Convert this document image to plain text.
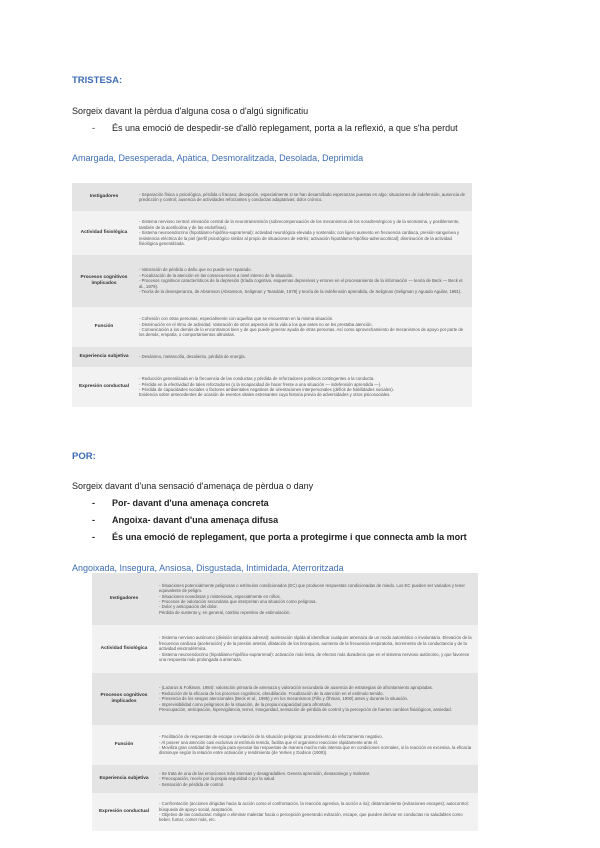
TRISTESA:
Sorgeix davant la pèrdua d'alguna cosa o d'algú significatiu
- És una emoció de despedir-se d'allò replegament, porta a la reflexió, a que s'ha perdut
Amargada, Desesperada, Apàtica, Desmoralitzada, Desolada, Deprimida
Instigadores	- Separación física o psicológica, pérdida o fracaso; decepción, especialmente si se han desarrollado esperanzas puestas en algo; situaciones de indefensión, ausencia de predicción y control; ausencia de actividades reforzantes y conductas adaptativas; dolor crónico.

Actividad fisiológica	- Sistema nervioso central: elevación central de la neurotransmisión (sobrecompensación de los mecanismos de los noradrenérgicos y de la serotonina, y posiblemente, también de la acetilcolina y de las endorfinas).
- Sistema neuroendocrino (hipotálamo-hipófiso-suprarrenal): actividad neurológica elevada y sostenida; con ligero aumento en frecuencia cardiaca, presión sanguínea y resistencia eléctrica de la piel (perfil psicológico similar al propio de situaciones de estrés; activación hipotálamo-hipófiso-adrenocortical); disminución de la actividad fisiológica generalizada.

Procesos cognitivos implicados	- Valoración de pérdida o daño que no puede ser reparado.
- Focalización de la atención en las consecuencias a nivel interno de la situación.
- Procesos cognitivos característicos de la depresión (tríada cognitiva, esquemas depresivos y errores en el procesamiento de la información — teoría de Beck — Beck et al., 1979).
- Teoría de la desesperanza, de Abramson (Abramson, Seligman y Teasdale, 1978) y teoría de la indefensión aprendida, de Seligman (Seligman y Aguado Aguilar, 1981).

Función	- Cohesión con otras personas, especialmente con aquellas que se encuentran en la misma situación.
- Disminución en el ritmo de actividad. Valoración de otros aspectos de la vida a los que antes no se les prestaba atención.
- Comunicación a los demás de lo encontramos bien y de que puede generar ayuda de otras personas. Así como aprovechamiento de mecanismos de apoyo por parte de los demás, empatía, o comportamientos altruistas.

Experiencia subjetiva	- Desánimo, melancolía, desaliento, pérdida de energía.

Expresión conductual	- Reducción generalizada en la frecuencia de las conductas y pérdida de reforzadores positivos contingentes a la conducta.
- Pérdida en la efectividad de tales reforzadores (o la incapacidad de hacer frente a una situación — indefensión aprendida —).
- Pérdida de capacidades sociales o factores ambientales negativos de orientaciones interpersonales (déficit de habilidades sociales).
Evidencia sobre antecedentes de ocasión de eventos vitales estresantes cuya historia previa de adversidades y otros psicosociales.
POR:
Sorgeix davant d'una sensació d'amenaça de pèrdua o dany
- Por- davant d'una amenaça concreta
- Angoixa- davant d'una amenaça difusa
- És una emoció de replegament, que porta a protegirme i que connecta amb la mort
Angoixada, Insegura, Ansiosa, Disgustada, Intimidada, Aterroritzada
Instigadores	- Situaciones potencialmente peligrosas o estímulos condicionados (EC) que producen respuestas condicionadas de miedo. Los EC pueden ser variados y tener equivalente de peligro.
- Situaciones novedosas y misteriosas, especialmente en niños.
- Procesos de valoración secundaria que interpretan una situación como peligrosa.
- Dolor y anticipación del dolor.
Pérdida de sustento y, en general, cambio repentino de estimulación.

Actividad fisiológica	- Sistema nervioso autónomo (división simpática adrenal): aceleración rápida al identificar cualquier amenaza de un modo automático o involuntario. Elevación de la frecuencia cardiaca (aceleración) y de la presión arterial, dilatación de los bronquios, aumento de la frecuencia respiratoria, incremento de la conductancia y de la actividad electrodérmica.
- Sistema neuroendocrino (hipotálamo-hipófiso-suprarrenal): activación más lenta, de efectos más duraderos que en el sistema nervioso autónomo, y que favorece una respuesta más prolongada a amenaza.

Procesos cognitivos implicados	- (Lazarus & Folkman, 1984): valoración primaria de amenaza y valoración secundaria de ausencia de estrategias de afrontamiento apropiadas.
- Reducción de la eficacia de los procesos cognitivos, obnubilación. Focalización de la atención en el estímulo temido.
- Presencia de los sesgos atencionales (Beck et al., 1985) y en los mecanismos (Fillo y Öhman, 1990) antes y durante la situación.
- Imprevisibilidad como peligrosos de la situación, de la propia incapacidad para afrontarla.
Preocupación, anticipación, hipervigilancia, temor, inseguridad, sensación de pérdida de control y la percepción de fuertes cambios fisiológicos, ansiedad.

Función	- Facilitación de respuestas de escape o evitación de la situación peligrosa: procedimiento de reforzamiento negativo.
- Al poseer una atención casi exclusiva al estímulo temido, facilita que el organismo reaccione rápidamente ante él.
- Moviliza gran cantidad de energía para ejecutar las respuestas de manera mucho más intensa que en condiciones normales, si la reacción es excesiva, la eficacia disminuye según la relación entre activación y rendimiento (de Yerkes y Dodson (1908)).

Experiencia subjetiva	- Se trata de una de las emociones más intensas y desagradables. Genera aprensión, desasosiego y malestar.
- Preocupación, recelo por la propia seguridad o por la salud.
- Sensación de pérdida de control.

Expresión conductual	- Confrontación (acciones dirigidas hacia la acción como el confrontación, la reacción agresiva, la acción a ira); distanciamiento (evitaciones escapes); autocontrol; búsqueda de apoyo social, aceptación.
- Objetivo de las conductas: mitigar o eliminar malestar hacia o percepción generando evitación, escape, que pueden derivar en conductas no saludables como beber, fumar, comer más, etc.
